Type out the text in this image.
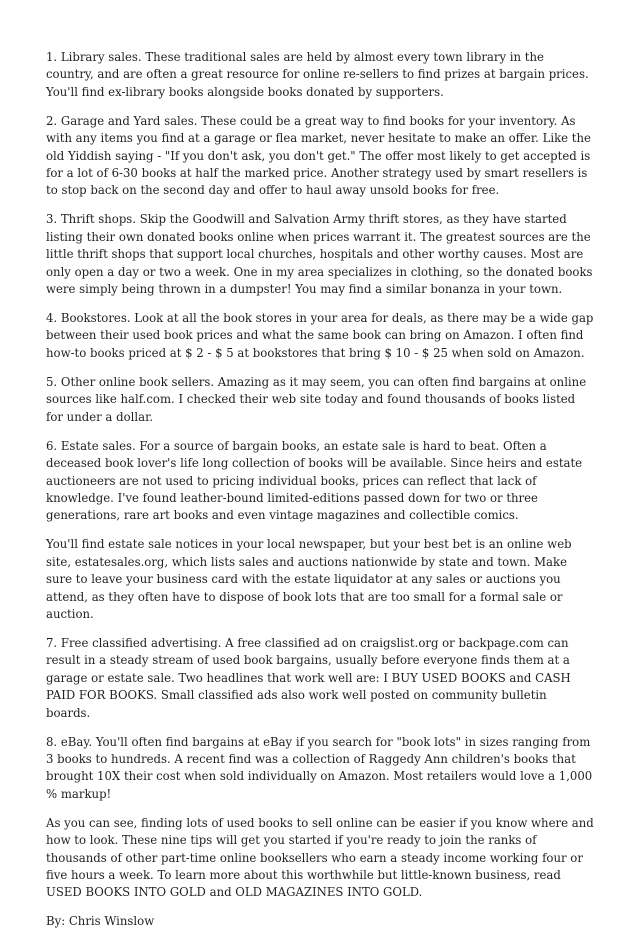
1. Library sales. These traditional sales are held by almost every town library in the country, and are often a great resource for online re-sellers to find prizes at bargain prices. You'll find ex-library books alongside books donated by supporters.

2. Garage and Yard sales. These could be a great way to find books for your inventory. As with any items you find at a garage or flea market, never hesitate to make an offer. Like the old Yiddish saying - "If you don't ask, you don't get." The offer most likely to get accepted is for a lot of 6-30 books at half the marked price. Another strategy used by smart resellers is to stop back on the second day and offer to haul away unsold books for free.

3. Thrift shops. Skip the Goodwill and Salvation Army thrift stores, as they have started listing their own donated books online when prices warrant it. The greatest sources are the little thrift shops that support local churches, hospitals and other worthy causes. Most are only open a day or two a week. One in my area specializes in clothing, so the donated books were simply being thrown in a dumpster! You may find a similar bonanza in your town.

4. Bookstores. Look at all the book stores in your area for deals, as there may be a wide gap between their used book prices and what the same book can bring on Amazon. I often find how-to books priced at $ 2 - $ 5 at bookstores that bring $ 10 - $ 25 when sold on Amazon.

5. Other online book sellers. Amazing as it may seem, you can often find bargains at online sources like half.com. I checked their web site today and found thousands of books listed for under a dollar.

6. Estate sales. For a source of bargain books, an estate sale is hard to beat. Often a deceased book lover's life long collection of books will be available. Since heirs and estate auctioneers are not used to pricing individual books, prices can reflect that lack of knowledge. I've found leather-bound limited-editions passed down for two or three generations, rare art books and even vintage magazines and collectible comics.

You'll find estate sale notices in your local newspaper, but your best bet is an online web site, estatesales.org, which lists sales and auctions nationwide by state and town. Make sure to leave your business card with the estate liquidator at any sales or auctions you attend, as they often have to dispose of book lots that are too small for a formal sale or auction.

7. Free classified advertising. A free classified ad on craigslist.org or backpage.com can result in a steady stream of used book bargains, usually before everyone finds them at a garage or estate sale. Two headlines that work well are: I BUY USED BOOKS and CASH PAID FOR BOOKS. Small classified ads also work well posted on community bulletin boards.

8. eBay. You'll often find bargains at eBay if you search for "book lots" in sizes ranging from 3 books to hundreds. A recent find was a collection of Raggedy Ann children's books that brought 10X their cost when sold individually on Amazon. Most retailers would love a 1,000 % markup!

As you can see, finding lots of used books to sell online can be easier if you know where and how to look. These nine tips will get you started if you're ready to join the ranks of thousands of other part-time online booksellers who earn a steady income working four or five hours a week. To learn more about this worthwhile but little-known business, read USED BOOKS INTO GOLD and OLD MAGAZINES INTO GOLD.

By: Chris Winslow
